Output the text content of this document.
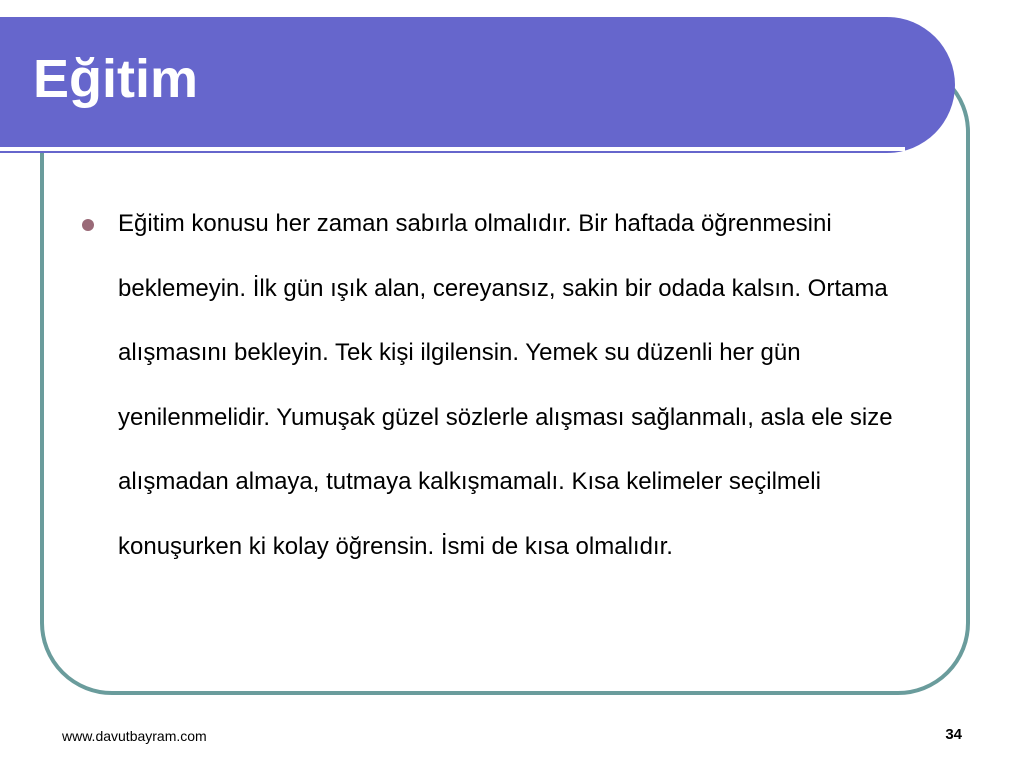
Eğitim
Eğitim konusu her zaman sabırla olmalıdır. Bir haftada öğrenmesini beklemeyin. İlk gün ışık alan, cereyansız, sakin bir odada kalsın. Ortama alışmasını bekleyin. Tek kişi ilgilensin. Yemek su düzenli her gün yenilenmelidir. Yumuşak güzel sözlerle alışması sağlanmalı, asla ele size alışmadan almaya, tutmaya kalkışmamalı. Kısa kelimeler seçilmeli konuşurken ki kolay öğrensin. İsmi de kısa olmalıdır.
www.davutbayram.com	34
